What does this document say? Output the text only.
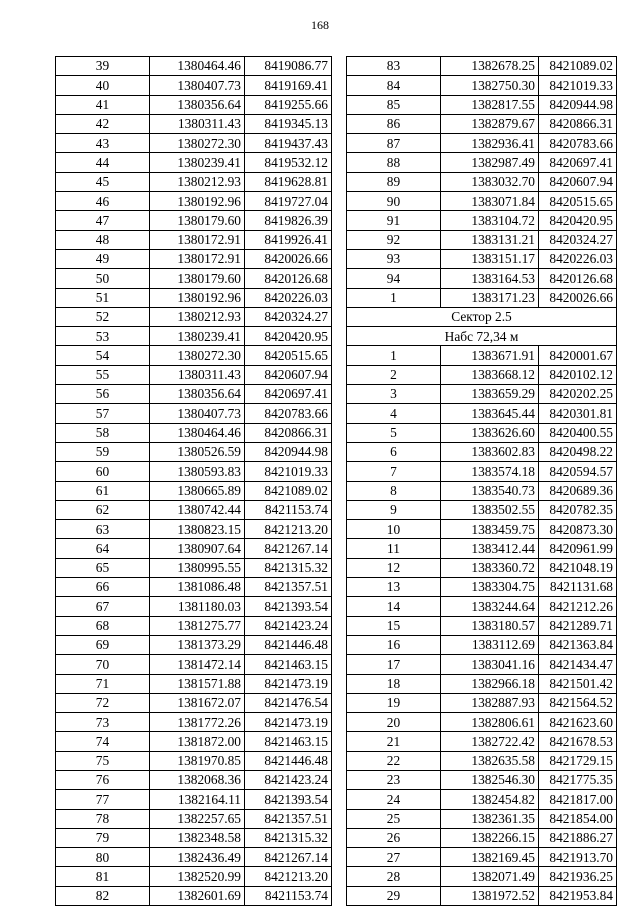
168
39	1380464.46	8419086.77
40	1380407.73	8419169.41
41	1380356.64	8419255.66
42	1380311.43	8419345.13
43	1380272.30	8419437.43
44	1380239.41	8419532.12
45	1380212.93	8419628.81
46	1380192.96	8419727.04
47	1380179.60	8419826.39
48	1380172.91	8419926.41
49	1380172.91	8420026.66
50	1380179.60	8420126.68
51	1380192.96	8420226.03
52	1380212.93	8420324.27
53	1380239.41	8420420.95
54	1380272.30	8420515.65
55	1380311.43	8420607.94
56	1380356.64	8420697.41
57	1380407.73	8420783.66
58	1380464.46	8420866.31
59	1380526.59	8420944.98
60	1380593.83	8421019.33
61	1380665.89	8421089.02
62	1380742.44	8421153.74
63	1380823.15	8421213.20
64	1380907.64	8421267.14
65	1380995.55	8421315.32
66	1381086.48	8421357.51
67	1381180.03	8421393.54
68	1381275.77	8421423.24
69	1381373.29	8421446.48
70	1381472.14	8421463.15
71	1381571.88	8421473.19
72	1381672.07	8421476.54
73	1381772.26	8421473.19
74	1381872.00	8421463.15
75	1381970.85	8421446.48
76	1382068.36	8421423.24
77	1382164.11	8421393.54
78	1382257.65	8421357.51
79	1382348.58	8421315.32
80	1382436.49	8421267.14
81	1382520.99	8421213.20
82	1382601.69	8421153.74
83	1382678.25	8421089.02
84	1382750.30	8421019.33
85	1382817.55	8420944.98
86	1382879.67	8420866.31
87	1382936.41	8420783.66
88	1382987.49	8420697.41
89	1383032.70	8420607.94
90	1383071.84	8420515.65
91	1383104.72	8420420.95
92	1383131.21	8420324.27
93	1383151.17	8420226.03
94	1383164.53	8420126.68
1	1383171.23	8420026.66
Сектор 2.5		
Набс 72,34 м		
1	1383671.91	8420001.67
2	1383668.12	8420102.12
3	1383659.29	8420202.25
4	1383645.44	8420301.81
5	1383626.60	8420400.55
6	1383602.83	8420498.22
7	1383574.18	8420594.57
8	1383540.73	8420689.36
9	1383502.55	8420782.35
10	1383459.75	8420873.30
11	1383412.44	8420961.99
12	1383360.72	8421048.19
13	1383304.75	8421131.68
14	1383244.64	8421212.26
15	1383180.57	8421289.71
16	1383112.69	8421363.84
17	1383041.16	8421434.47
18	1382966.18	8421501.42
19	1382887.93	8421564.52
20	1382806.61	8421623.60
21	1382722.42	8421678.53
22	1382635.58	8421729.15
23	1382546.30	8421775.35
24	1382454.82	8421817.00
25	1382361.35	8421854.00
26	1382266.15	8421886.27
27	1382169.45	8421913.70
28	1382071.49	8421936.25
29	1381972.52	8421953.84
